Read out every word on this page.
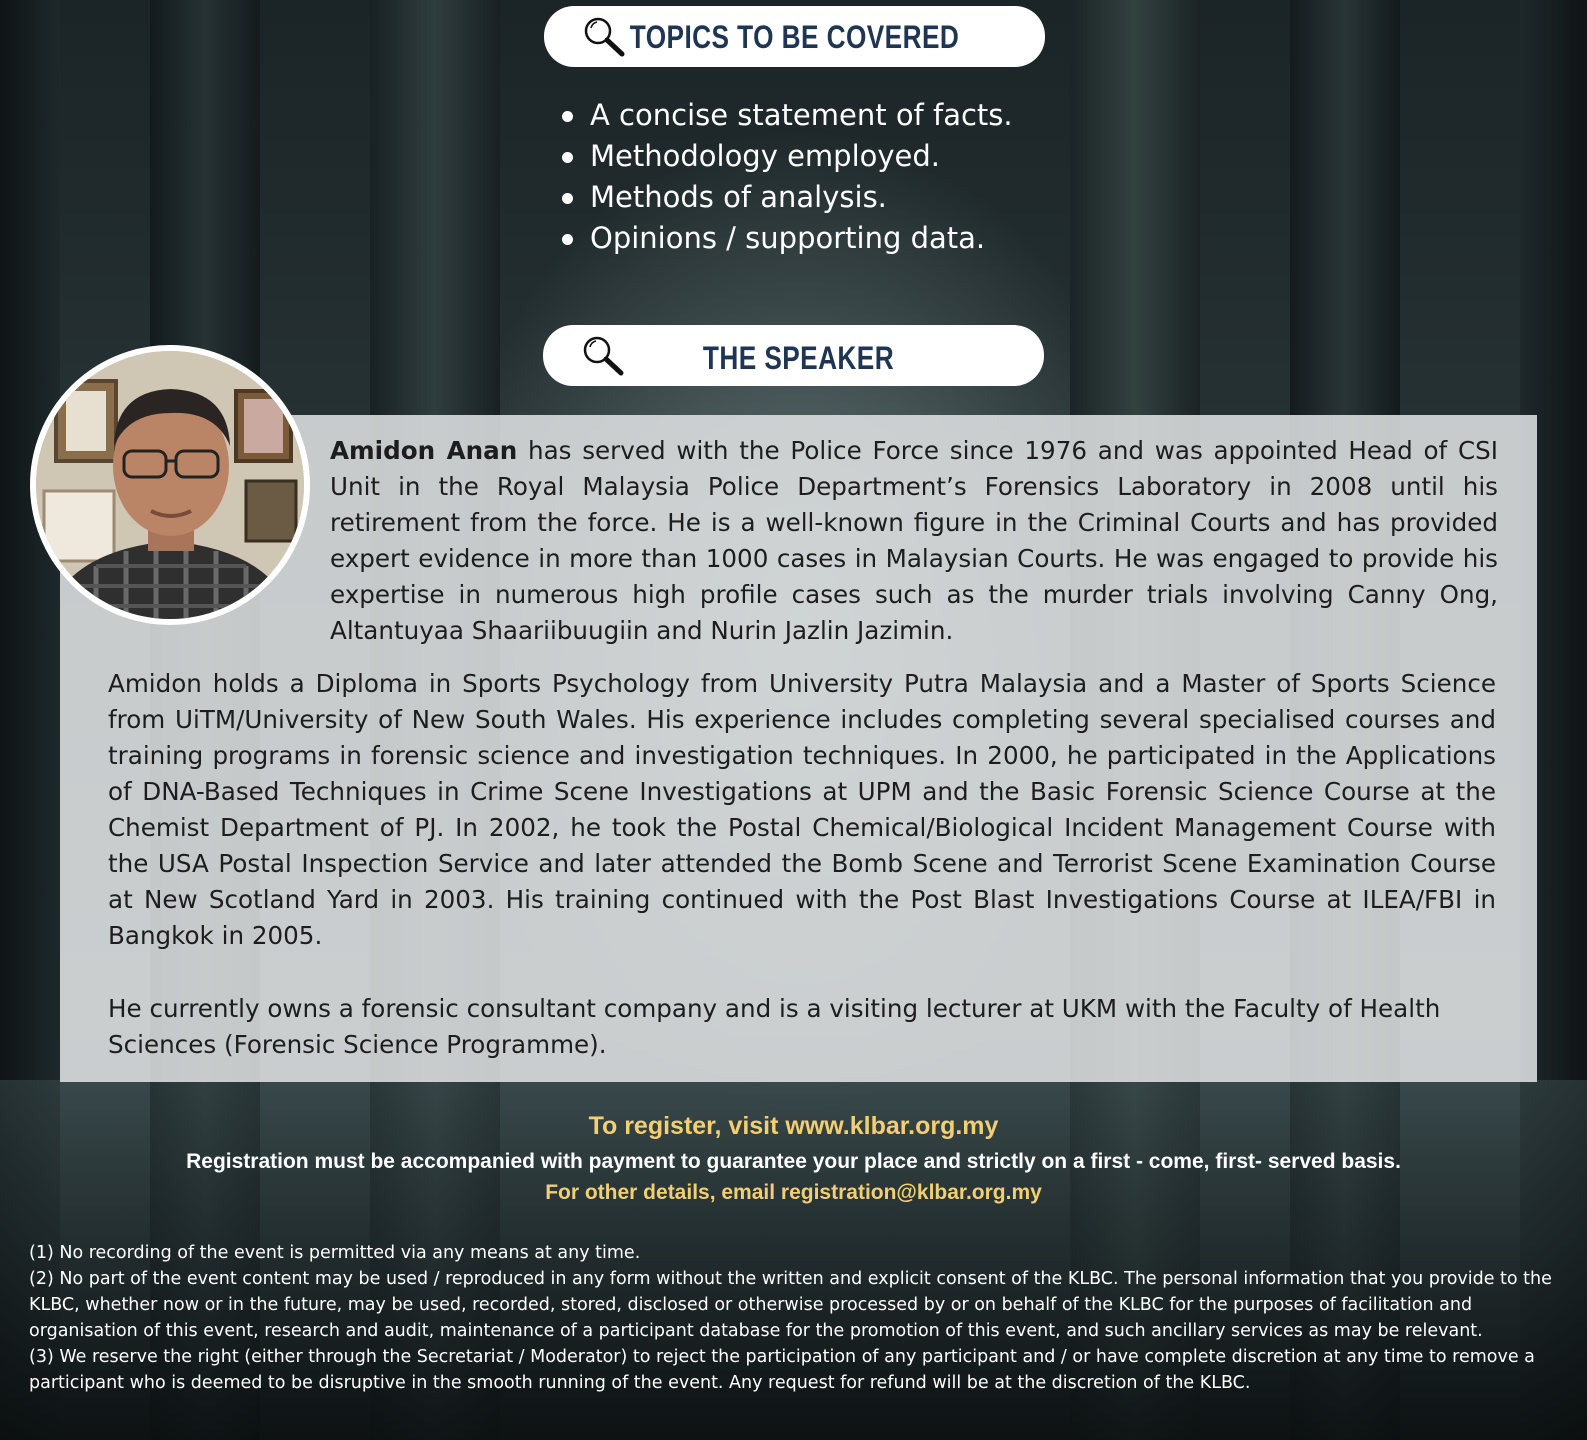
TOPICS TO BE COVERED
A concise statement of facts.
Methodology employed.
Methods of analysis.
Opinions / supporting data.
THE SPEAKER

Amidon Anan has served with the Police Force since 1976 and was appointed Head of CSI Unit in the Royal Malaysia Police Department’s Forensics Laboratory in 2008 until his retirement from the force. He is a well-known figure in the Criminal Courts and has provided expert evidence in more than 1000 cases in Malaysian Courts. He was engaged to provide his expertise in numerous high profile cases such as the murder trials involving Canny Ong, Altantuyaa Shaariibuugiin and Nurin Jazlin Jazimin.

Amidon holds a Diploma in Sports Psychology from University Putra Malaysia and a Master of Sports Science from UiTM/University of New South Wales. His experience includes completing several specialised courses and training programs in forensic science and investigation techniques. In 2000, he participated in the Applications of DNA-Based Techniques in Crime Scene Investigations at UPM and the Basic Forensic Science Course at the Chemist Department of PJ. In 2002, he took the Postal Chemical/Biological Incident Management Course with the USA Postal Inspection Service and later attended the Bomb Scene and Terrorist Scene Examination Course at New Scotland Yard in 2003. His training continued with the Post Blast Investigations Course at ILEA/FBI in Bangkok in 2005.

He currently owns a forensic consultant company and is a visiting lecturer at UKM with the Faculty of Health Sciences (Forensic Science Programme).

To register, visit www.klbar.org.my
Registration must be accompanied with payment to guarantee your place and strictly on a first - come, first- served basis.
For other details, email registration@klbar.org.my

(1) No recording of the event is permitted via any means at any time.

(2) No part of the event content may be used / reproduced in any form without the written and explicit consent of the KLBC. The personal information that you provide to the KLBC, whether now or in the future, may be used, recorded, stored, disclosed or otherwise processed by or on behalf of the KLBC for the purposes of facilitation and organisation of this event, research and audit, maintenance of a participant database for the promotion of this event, and such ancillary services as may be relevant.

(3) We reserve the right (either through the Secretariat / Moderator) to reject the participation of any participant and / or have complete discretion at any time to remove a participant who is deemed to be disruptive in the smooth running of the event. Any request for refund will be at the discretion of the KLBC.
